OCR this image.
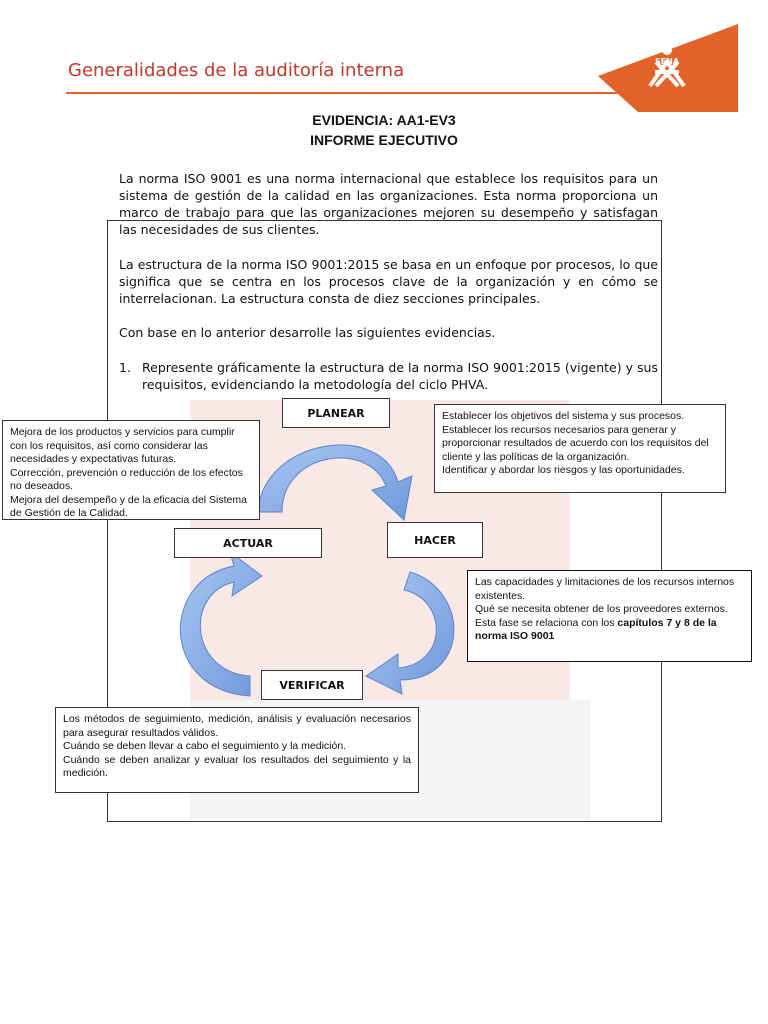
Generalidades de la auditoría interna	SENA
EVIDENCIA: AA1-EV3
INFORME EJECUTIVO
La norma ISO 9001 es una norma internacional que establece los requisitos para un sistema de gestión de la calidad en las organizaciones. Esta norma proporciona un marco de trabajo para que las organizaciones mejoren su desempeño y satisfagan las necesidades de sus clientes.
La estructura de la norma ISO 9001:2015 se basa en un enfoque por procesos, lo que significa que se centra en los procesos clave de la organización y en cómo se interrelacionan. La estructura consta de diez secciones principales.
Con base en lo anterior desarrolle las siguientes evidencias.
1. Represente gráficamente la estructura de la norma ISO 9001:2015 (vigente) y sus requisitos, evidenciando la metodología del ciclo PHVA.
PLANEAR
HACER
ACTUAR
VERIFICAR
Mejora de los productos y servicios para cumplir con los requisitos, así como considerar las necesidades y expectativas futuras.
Corrección, prevención o reducción de los efectos no deseados.
Mejora del desempeño y de la eficacia del Sistema de Gestión de la Calidad.
Establecer los objetivos del sistema y sus procesos.
Establecer los recursos necesarios para generar y proporcionar resultados de acuerdo con los requisitos del cliente y las políticas de la organización.
Identificar y abordar los riesgos y las oportunidades.
Las capacidades y limitaciones de los recursos internos existentes.
Qué se necesita obtener de los proveedores externos.
Esta fase se relaciona con los capítulos 7 y 8 de la norma ISO 9001
Los métodos de seguimiento, medición, análisis y evaluación necesarios para asegurar resultados válidos.
Cuándo se deben llevar a cabo el seguimiento y la medición.
Cuándo se deben analizar y evaluar los resultados del seguimiento y la medición.
